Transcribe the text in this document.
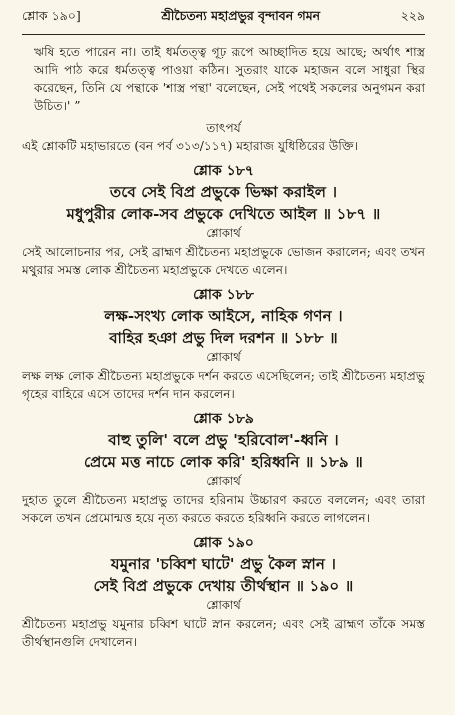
শ্লোক ১৯০]	শ্রীচৈতন্য মহাপ্রভুর বৃন্দাবন গমন	২২৯

ঋষি হতে পারেন না। তাই ধর্মতত্ত্ব গূঢ় রূপে আচ্ছাদিত হয়ে আছে; অর্থাৎ শাস্ত্র আদি পাঠ করে ধর্মতত্ত্ব পাওয়া কঠিন। সুতরাং যাকে মহাজন বলে সাধুরা স্থির করেছেন, তিনি যে পন্থাকে 'শাস্ত্র পন্থা' বলেছেন, সেই পথেই সকলের অনুগমন করা উচিত।' ”

তাৎপর্য

এই শ্লোকটি মহাভারতে (বন পর্ব ৩১৩/১১৭) মহারাজ যুধিষ্ঠিরের উক্তি।

শ্লোক ১৮৭
তবে সেই বিপ্র প্রভুকে ভিক্ষা করাইল ।
মধুপুরীর লোক-সব প্রভুকে দেখিতে আইল ॥ ১৮৭ ॥
শ্লোকার্থ

সেই আলোচনার পর, সেই ব্রাহ্মণ শ্রীচৈতন্য মহাপ্রভুকে ভোজন করালেন; এবং তখন মথুরার সমস্ত লোক শ্রীচৈতন্য মহাপ্রভুকে দেখতে এলেন।

শ্লোক ১৮৮
লক্ষ-সংখ্য লোক আইসে, নাহিক গণন ।
বাহির হঞা প্রভু দিল দরশন ॥ ১৮৮ ॥
শ্লোকার্থ

লক্ষ লক্ষ লোক শ্রীচৈতন্য মহাপ্রভুকে দর্শন করতে এসেছিলেন; তাই শ্রীচৈতন্য মহাপ্রভু গৃহের বাহিরে এসে তাদের দর্শন দান করলেন।

শ্লোক ১৮৯
বাহু তুলি' বলে প্রভু 'হরিবোল'-ধ্বনি ।
প্রেমে মত্ত নাচে লোক করি' হরিধ্বনি ॥ ১৮৯ ॥
শ্লোকার্থ

দুহাত তুলে শ্রীচৈতন্য মহাপ্রভু তাদের হরিনাম উচ্চারণ করতে বললেন; এবং তারা সকলে তখন প্রেমোন্মত্ত হয়ে নৃত্য করতে করতে হরিধ্বনি করতে লাগলেন।

শ্লোক ১৯০
যমুনার 'চব্বিশ ঘাটে' প্রভু কৈল স্নান ।
সেই বিপ্র প্রভুকে দেখায় তীর্থস্থান ॥ ১৯০ ॥
শ্লোকার্থ

শ্রীচৈতন্য মহাপ্রভু যমুনার চব্বিশ ঘাটে স্নান করলেন; এবং সেই ব্রাহ্মণ তাঁকে সমস্ত তীর্থস্থানগুলি দেখালেন।
